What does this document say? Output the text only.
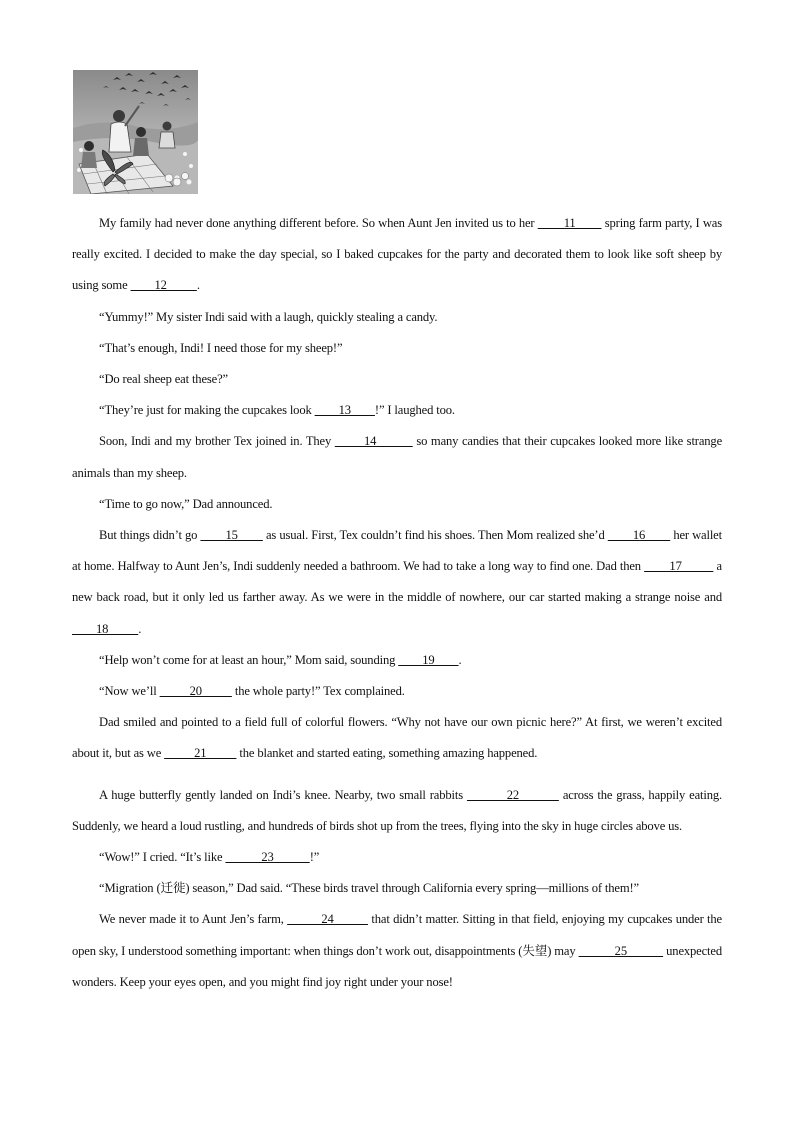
My family had never done anything different before. So when Aunt Jen invited us to her         11         spring farm party, I was really excited. I decided to make the day special, so I baked cupcakes for the party and decorated them to look like soft sheep by using some         12          .

“Yummy!” My sister Indi said with a laugh, quickly stealing a candy.

“That’s enough, Indi! I need those for my sheep!”

“Do real sheep eat these?”

“They’re just for making the cupcakes look         13        !” I laughed too.

Soon, Indi and my brother Tex joined in. They         14           so many candies that their cupcakes looked more like strange animals than my sheep.

“Time to go now,” Dad announced.

But things didn’t go         15         as usual. First, Tex couldn’t find his shoes. Then Mom realized she’d         16         her wallet at home. Halfway to Aunt Jen’s, Indi suddenly needed a bathroom. We had to take a long way to find one. Dad then         17           a new back road, but it only led us farther away. As we were in the middle of nowhere, our car started making a strange noise and         18          .

“Help won’t come for at least an hour,” Mom said, sounding         19        .

“Now we’ll           20           the whole party!” Tex complained.

Dad smiled and pointed to a field full of colorful flowers. “Why not have our own picnic here?” At first, we weren’t excited about it, but as we           21           the blanket and started eating, something amazing happened.

A huge butterfly gently landed on Indi’s knee. Nearby, two small rabbits           22           across the grass, happily eating. Suddenly, we heard a loud rustling, and hundreds of birds shot up from the trees, flying into the sky in huge circles above us.

“Wow!” I cried. “It’s like             23            !”

“Migration (迁徙) season,” Dad said. “These birds travel through California every spring—millions of them!”

We never made it to Aunt Jen’s farm,           24           that didn’t matter. Sitting in that field, enjoying my cupcakes under the open sky, I understood something important: when things don’t work out, disappointments (失望) may             25             unexpected wonders. Keep your eyes open, and you might find joy right under your nose!
